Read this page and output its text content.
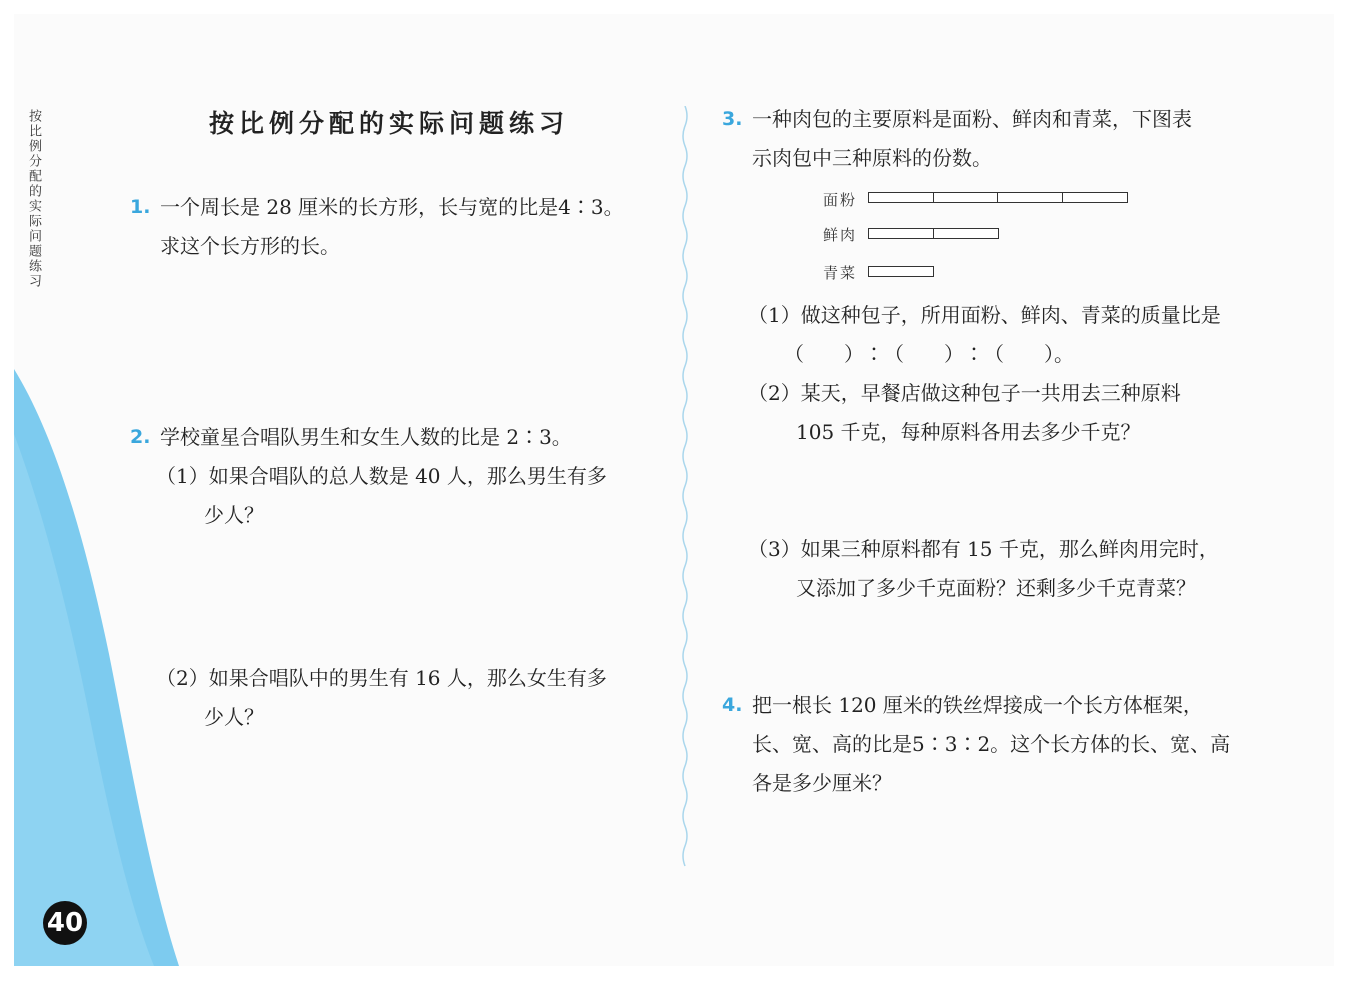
按比例分配的实际问题练习
40
按比例分配的实际问题练习
1. 一个周长是 28 厘米的长方形，长与宽的比是4∶3。
求这个长方形的长。
2. 学校童星合唱队男生和女生人数的比是 2∶3。
（1）如果合唱队的总人数是 40 人，那么男生有多
少人？
（2）如果合唱队中的男生有 16 人，那么女生有多
少人？
3. 一种肉包的主要原料是面粉、鲜肉和青菜，下图表
示肉包中三种原料的份数。
面粉
鲜肉
青菜
（1）做这种包子，所用面粉、鲜肉、青菜的质量比是
（　　）∶（　　）∶（　　）。
（2）某天，早餐店做这种包子一共用去三种原料
105 千克，每种原料各用去多少千克？
（3）如果三种原料都有 15 千克，那么鲜肉用完时，
又添加了多少千克面粉？还剩多少千克青菜？
4. 把一根长 120 厘米的铁丝焊接成一个长方体框架，
长、宽、高的比是5∶3∶2。这个长方体的长、宽、高
各是多少厘米？
